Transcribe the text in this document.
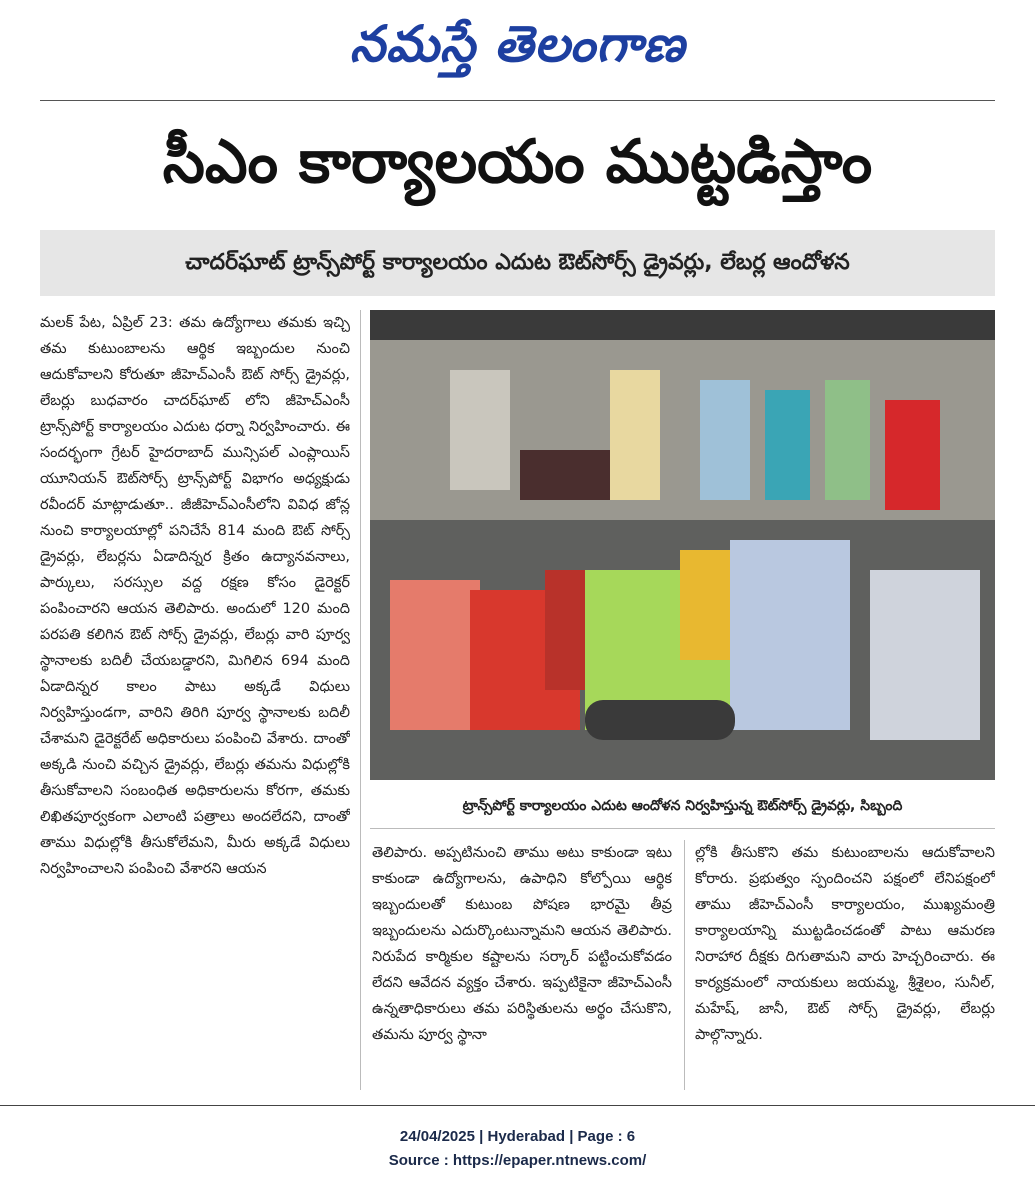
నమస్తే తెలంగాణ
సీఎం కార్యాలయం ముట్టడిస్తాం
చాదర్‌ఘాట్ ట్రాన్స్‌పోర్ట్ కార్యాలయం ఎదుట ఔట్‌సోర్స్ డ్రైవర్లు, లేబర్ల ఆందోళన
మలక్ పేట, ఏప్రిల్ 23: తమ ఉద్యోగాలు తమకు ఇచ్చి తమ కుటుంబాలను ఆర్థిక ఇబ్బందుల నుంచి ఆదుకోవాలని కోరుతూ జీహెచ్ఎంసీ ఔట్ సోర్స్ డ్రైవర్లు, లేబర్లు బుధవారం చాదర్‌ఘాట్ లోని జీహెచ్ఎంసీ ట్రాన్స్‌పోర్ట్ కార్యాలయం ఎదుట ధర్నా నిర్వహించారు. ఈ సందర్భంగా గ్రేటర్ హైదరాబాద్ మున్సిపల్ ఎంప్లాయిస్ యూనియన్ ఔట్‌సోర్స్ ట్రాన్స్‌పోర్ట్ విభాగం అధ్యక్షుడు రవీందర్ మాట్లాడుతూ.. జీజీహెచ్ఎంసీలోని వివిధ జోన్ల నుంచి కార్యాలయాల్లో పనిచేసే 814 మంది ఔట్ సోర్స్ డ్రైవర్లు, లేబర్లను ఏడాదిన్నర క్రితం ఉద్యానవనాలు, పార్కులు, సరస్సుల వద్ద రక్షణ కోసం డైరెక్టర్ పంపించారని ఆయన తెలిపారు. అందులో 120 మంది పరపతి కలిగిన ఔట్ సోర్స్ డ్రైవర్లు, లేబర్లు వారి పూర్వ స్థానాలకు బదిలీ చేయబడ్డారని, మిగిలిన 694 మంది ఏడాదిన్నర కాలం పాటు అక్కడే విధులు నిర్వహిస్తుండగా, వారిని తిరిగి పూర్వ స్థానాలకు బదిలీ చేశామని డైరెక్టరేట్ అధికారులు పంపించి వేశారు. దాంతో అక్కడి నుంచి వచ్చిన డ్రైవర్లు, లేబర్లు తమను విధుల్లోకి తీసుకోవాలని సంబంధిత అధికారులను కోరగా, తమకు లిఖితపూర్వకంగా ఎలాంటి పత్రాలు అందలేదని, దాంతో తాము విధుల్లోకి తీసుకోలేమని, మీరు అక్కడే విధులు నిర్వహించాలని పంపించి వేశారని ఆయన
ట్రాన్స్‌పోర్ట్ కార్యాలయం ఎదుట ఆందోళన నిర్వహిస్తున్న ఔట్‌సోర్స్ డ్రైవర్లు, సిబ్బంది
తెలిపారు. అప్పటినుంచి తాము అటు కాకుండా ఇటు కాకుండా ఉద్యోగాలను, ఉపాధిని కోల్పోయి ఆర్థిక ఇబ్బందులతో కుటుంబ పోషణ భారమై తీవ్ర ఇబ్బందులను ఎదుర్కొంటున్నామని ఆయన తెలిపారు. నిరుపేద కార్మికుల కష్టాలను సర్కార్ పట్టించుకోవడం లేదని ఆవేదన వ్యక్తం చేశారు. ఇప్పటికైనా జీహెచ్ఎంసీ ఉన్నతాధికారులు తమ పరిస్థితులను అర్థం చేసుకొని, తమను పూర్వ స్థానా
ల్లోకి తీసుకొని తమ కుటుంబాలను ఆదుకోవాలని కోరారు. ప్రభుత్వం స్పందించని పక్షంలో లేనిపక్షంలో తాము జీహెచ్ఎంసీ కార్యాలయం, ముఖ్యమంత్రి కార్యాలయాన్ని ముట్టడించడంతో పాటు ఆమరణ నిరాహార దీక్షకు దిగుతామని వారు హెచ్చరించారు. ఈ కార్యక్రమంలో నాయకులు జయమ్మ, శ్రీశైలం, సునీల్, మహేష్, జానీ, ఔట్ సోర్స్ డ్రైవర్లు, లేబర్లు పాల్గొన్నారు.
24/04/2025 | Hyderabad | Page : 6
Source : https://epaper.ntnews.com/
